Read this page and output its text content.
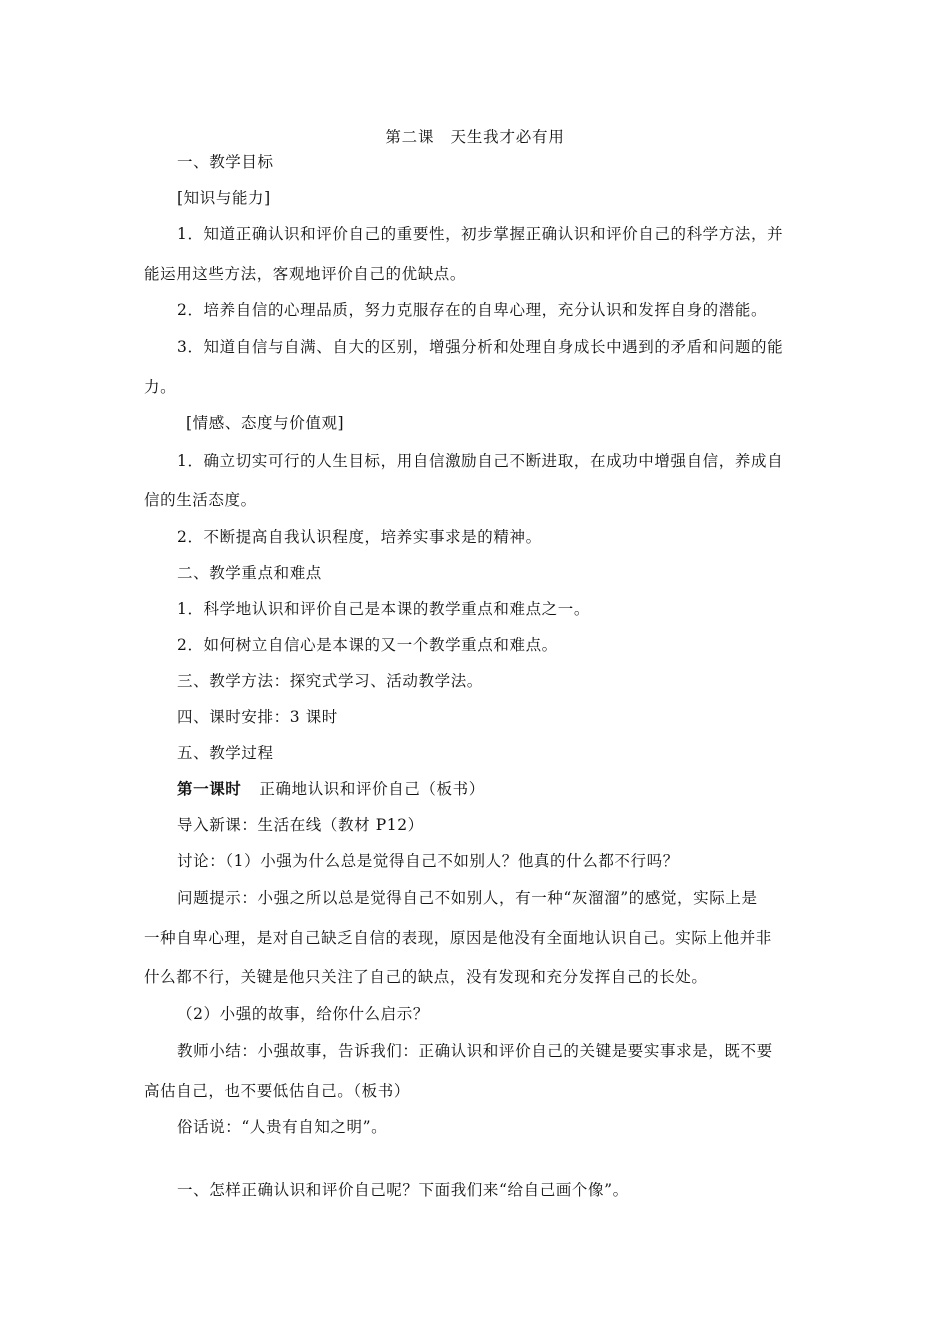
第二课　天生我才必有用
一、教学目标
[知识与能力]
1．知道正确认识和评价自己的重要性，初步掌握正确认识和评价自己的科学方法，并
能运用这些方法，客观地评价自己的优缺点。
2．培养自信的心理品质，努力克服存在的自卑心理，充分认识和发挥自身的潜能。
3．知道自信与自满、自大的区别，增强分析和处理自身成长中遇到的矛盾和问题的能
力。
[情感、态度与价值观]
1．确立切实可行的人生目标，用自信激励自己不断进取，在成功中增强自信，养成自
信的生活态度。
2．不断提高自我认识程度，培养实事求是的精神。
二、教学重点和难点
1．科学地认识和评价自己是本课的教学重点和难点之一。
2．如何树立自信心是本课的又一个教学重点和难点。
三、教学方法：探究式学习、活动教学法。
四、课时安排：3 课时
五、教学过程
第一课时 正确地认识和评价自己（板书）
导入新课：生活在线（教材 P12）
讨论：（1）小强为什么总是觉得自己不如别人？他真的什么都不行吗？
问题提示：小强之所以总是觉得自己不如别人，有一种“灰溜溜”的感觉，实际上是
一种自卑心理，是对自己缺乏自信的表现，原因是他没有全面地认识自己。实际上他并非
什么都不行，关键是他只关注了自己的缺点，没有发现和充分发挥自己的长处。
（2）小强的故事，给你什么启示？
教师小结：小强故事，告诉我们：正确认识和评价自己的关键是要实事求是，既不要
高估自己，也不要低估自己。（板书）
俗话说：“人贵有自知之明”。
一、怎样正确认识和评价自己呢？下面我们来“给自己画个像”。
